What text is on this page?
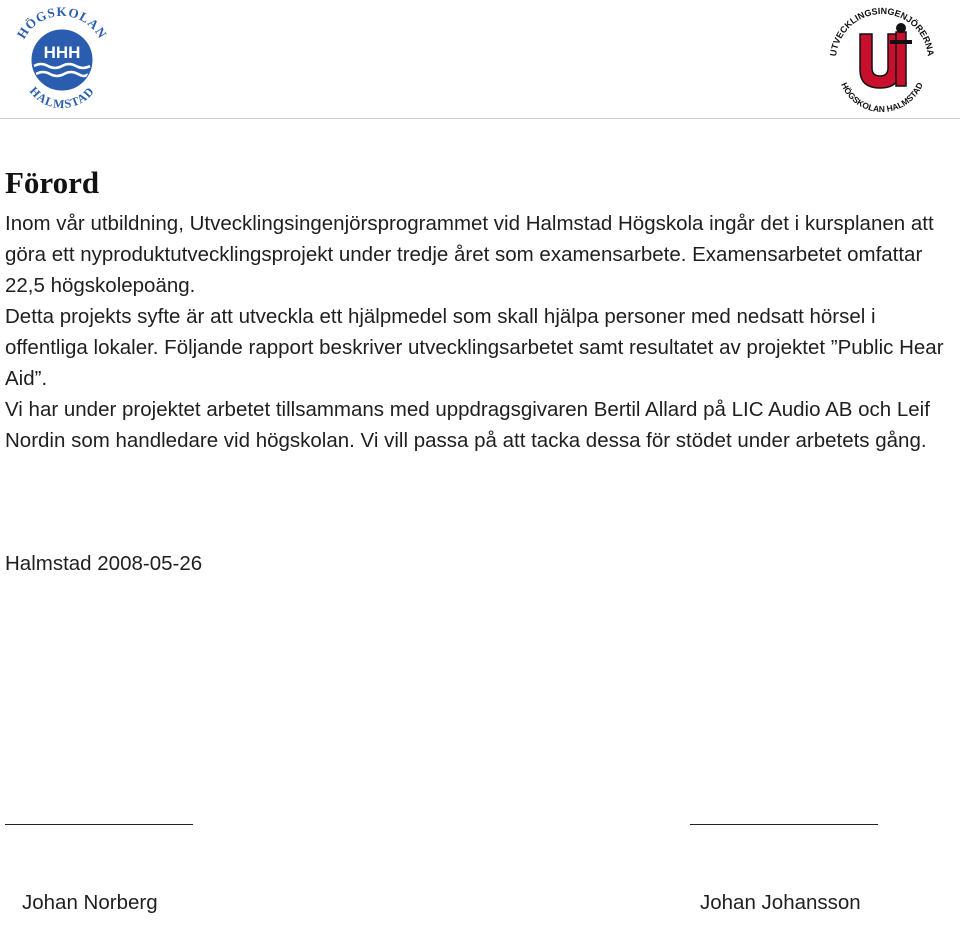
HÖGSKOLAN
HALMSTAD
HHH	UTVECKLINGSINGENJÖRERNA
HÖGSKOLAN HALMSTAD
Ui
Förord

Inom vår utbildning, Utvecklingsingenjörsprogrammet vid Halmstad Högskola ingår det i kursplanen att göra ett nyproduktutvecklingsprojekt under tredje året som examensarbete. Examensarbetet omfattar 22,5 högskolepoäng.

Detta projekts syfte är att utveckla ett hjälpmedel som skall hjälpa personer med nedsatt hörsel i offentliga lokaler. Följande rapport beskriver utvecklingsarbetet samt resultatet av projektet ”Public Hear Aid”.

Vi har under projektet arbetet tillsammans med uppdragsgivaren Bertil Allard på LIC Audio AB och Leif Nordin som handledare vid högskolan. Vi vill passa på att tacka dessa för stödet under arbetets gång.

Halmstad 2008-05-26

Johan Norberg

	Johan Johansson
